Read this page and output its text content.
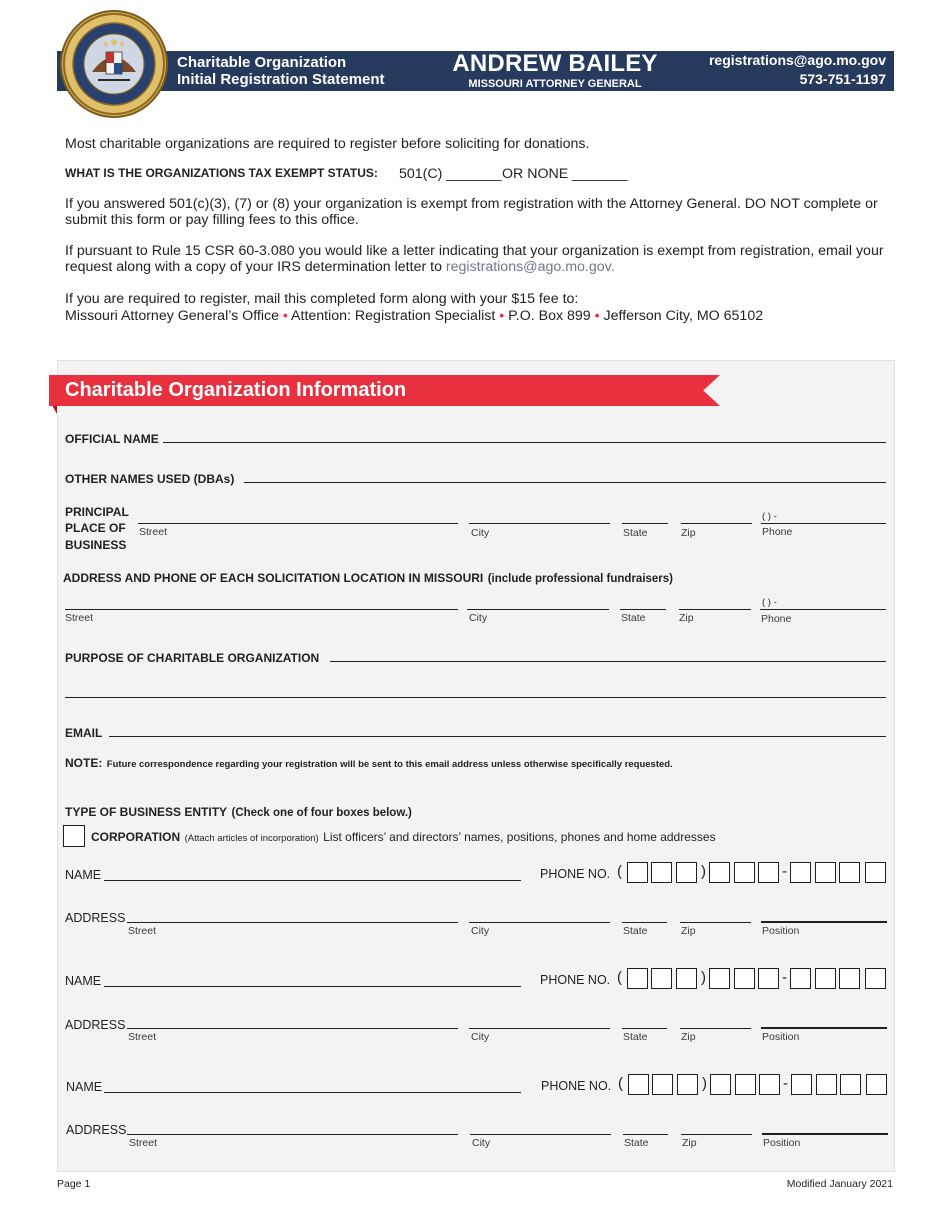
Charitable Organization
Initial Registration Statement
ANDREW BAILEY
MISSOURI ATTORNEY GENERAL
registrations@ago.mo.gov
573-751-1197
Most charitable organizations are required to register before soliciting for donations.
WHAT IS THE ORGANIZATIONS TAX EXEMPT STATUS: 501(C) _______ OR NONE _______
If you answered 501(c)(3), (7) or (8) your organization is exempt from registration with the Attorney General. DO NOT complete or
submit this form or pay filling fees to this office.
If pursuant to Rule 15 CSR 60-3.080 you would like a letter indicating that your organization is exempt from registration, email your
request along with a copy of your IRS determination letter to registrations@ago.mo.gov.
If you are required to register, mail this completed form along with your $15 fee to:
Missouri Attorney General’s Office • Attention: Registration Specialist • P.O. Box 899 • Jefferson City, MO 65102
Charitable Organization Information
OFFICIAL NAME
OTHER NAMES USED (DBAs)
PRINCIPAL
PLACE OF
BUSINESS
( ) -
Street	City	State	Zip	Phone
ADDRESS AND PHONE OF EACH SOLICITATION LOCATION IN MISSOURI (include professional fundraisers)
( ) -
Street	City	State	Zip	Phone
PURPOSE OF CHARITABLE ORGANIZATION
EMAIL
NOTE: Future correspondence regarding your registration will be sent to this email address unless otherwise specifically requested.
TYPE OF BUSINESS ENTITY (Check one of four boxes below.)
CORPORATION (Attach articles of incorporation) List officers’ and directors’ names, positions, phones and home addresses
NAME	PHONE NO. (	)	-
ADDRESS
Street	City	State	Zip	Position
NAME	PHONE NO. (	)	-
ADDRESS
Street	City	State	Zip	Position
NAME	PHONE NO. (	)	-
ADDRESS
Street	City	State	Zip	Position
Page 1	Modified January 2021
